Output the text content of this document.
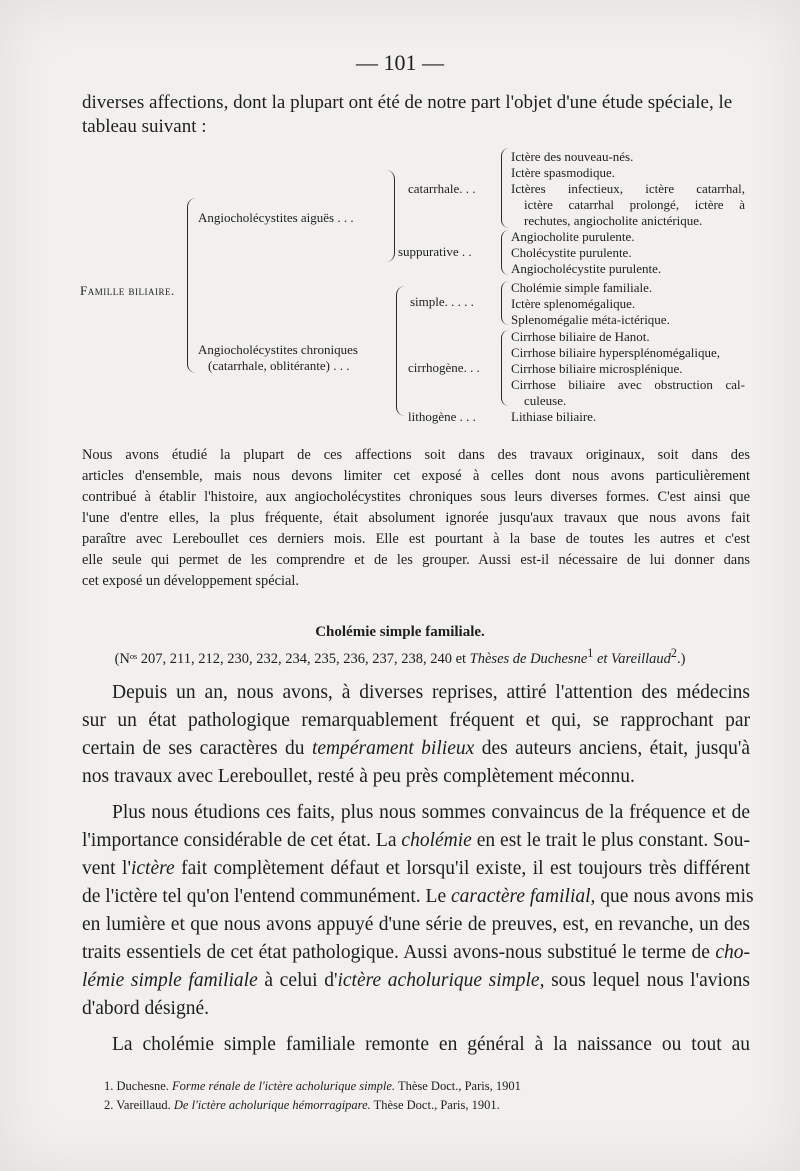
— 101 —
diverses affections, dont la plupart ont été de notre part l'objet d'une étude spéciale, le
tableau suivant :
Famille biliaire.
Angiocholécystites aiguës . . .
Angiocholécystites chroniques
(catarrhale, oblitérante) . . .
catarrhale. . .
suppurative . .
simple. . . . .
cirrhogène. . .
lithogène . . .
Ictère des nouveau-nés.
Ictère spasmodique.
Ictères infectieux, ictère catarrhal,
ictère catarrhal prolongé, ictère à
rechutes, angiocholite anictérique.
Angiocholite purulente.
Cholécystite purulente.
Angiocholécystite purulente.
Cholémie simple familiale.
Ictère splenomégalique.
Splenomégalie méta-ictérique.
Cirrhose biliaire de Hanot.
Cirrhose biliaire hypersplénomégalique,
Cirrhose biliaire microsplénique.
Cirrhose biliaire avec obstruction cal-
culeuse.
Lithiase biliaire.
Nous avons étudié la plupart de ces affections soit dans des travaux originaux, soit dans des
articles d'ensemble, mais nous devons limiter cet exposé à celles dont nous avons particulièrement
contribué à établir l'histoire, aux angiocholécystites chroniques sous leurs diverses formes. C'est ainsi que
l'une d'entre elles, la plus fréquente, était absolument ignorée jusqu'aux travaux que nous avons fait
paraître avec Lereboullet ces derniers mois. Elle est pourtant à la base de toutes les autres et c'est
elle seule qui permet de les comprendre et de les grouper. Aussi est-il nécessaire de lui donner dans
cet exposé un développement spécial.
Cholémie simple familiale.
(Nᵒˢ 207, 211, 212, 230, 232, 234, 235, 236, 237, 238, 240 et Thèses de Duchesne$^1$ et Vareillaud$^2$.)
Depuis un an, nous avons, à diverses reprises, attiré l'attention des médecins
sur un état pathologique remarquablement fréquent et qui, se rapprochant par
certain de ses caractères du tempérament bilieux des auteurs anciens, était, jusqu'à
nos travaux avec Lereboullet, resté à peu près complètement méconnu.
Plus nous étudions ces faits, plus nous sommes convaincus de la fréquence et de
l'importance considérable de cet état. La cholémie en est le trait le plus constant. Sou-
vent l'ictère fait complètement défaut et lorsqu'il existe, il est toujours très différent
de l'ictère tel qu'on l'entend communément. Le caractère familial, que nous avons mis
en lumière et que nous avons appuyé d'une série de preuves, est, en revanche, un des
traits essentiels de cet état pathologique. Aussi avons-nous substitué le terme de cho-
lémie simple familiale à celui d'ictère acholurique simple, sous lequel nous l'avions
d'abord désigné.
La cholémie simple familiale remonte en général à la naissance ou tout au
1. Duchesne. Forme rénale de l'ictère acholurique simple. Thèse Doct., Paris, 1901
2. Vareillaud. De l'ictère acholurique hémorragipare. Thèse Doct., Paris, 1901.
